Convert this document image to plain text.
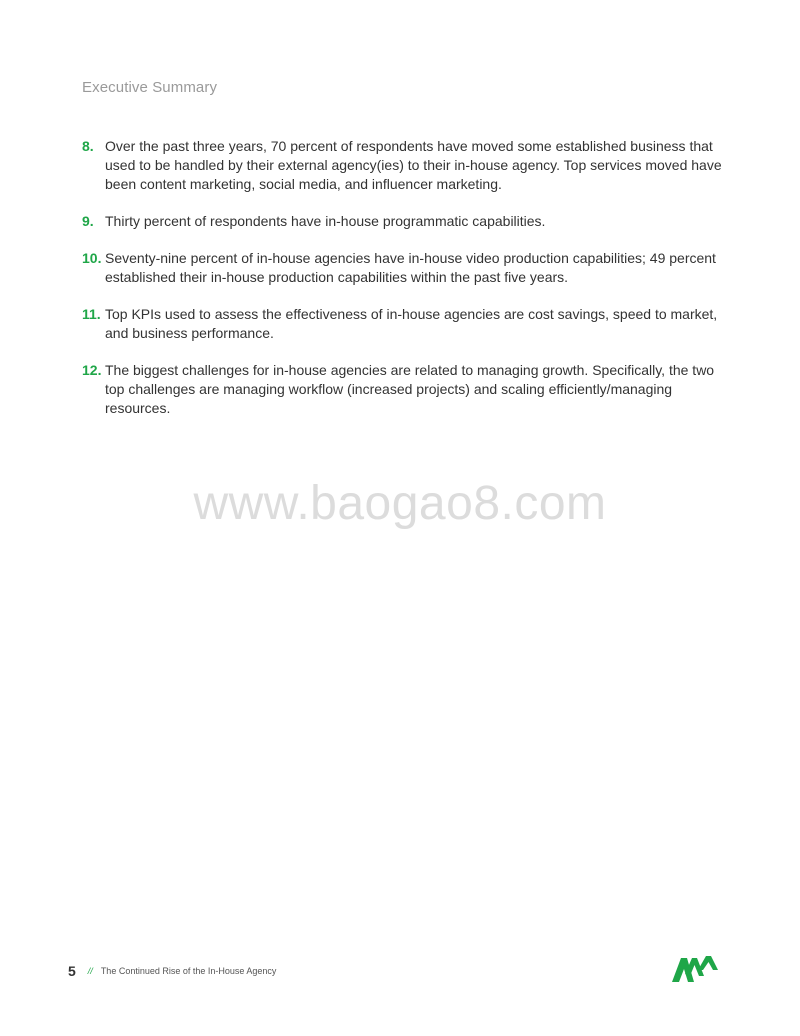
Executive Summary
8. Over the past three years, 70 percent of respondents have moved some established business that used to be handled by their external agency(ies) to their in-house agency. Top services moved have been content marketing, social media, and influencer marketing.
9. Thirty percent of respondents have in-house programmatic capabilities.
10. Seventy-nine percent of in-house agencies have in-house video production capabilities; 49 percent established their in-house production capabilities within the past five years.
11. Top KPIs used to assess the effectiveness of in-house agencies are cost savings, speed to market, and business performance.
12. The biggest challenges for in-house agencies are related to managing growth. Specifically, the two top challenges are managing workflow (increased projects) and scaling efficiently/managing resources.
www.baogao8.com
5 // The Continued Rise of the In-House Agency
